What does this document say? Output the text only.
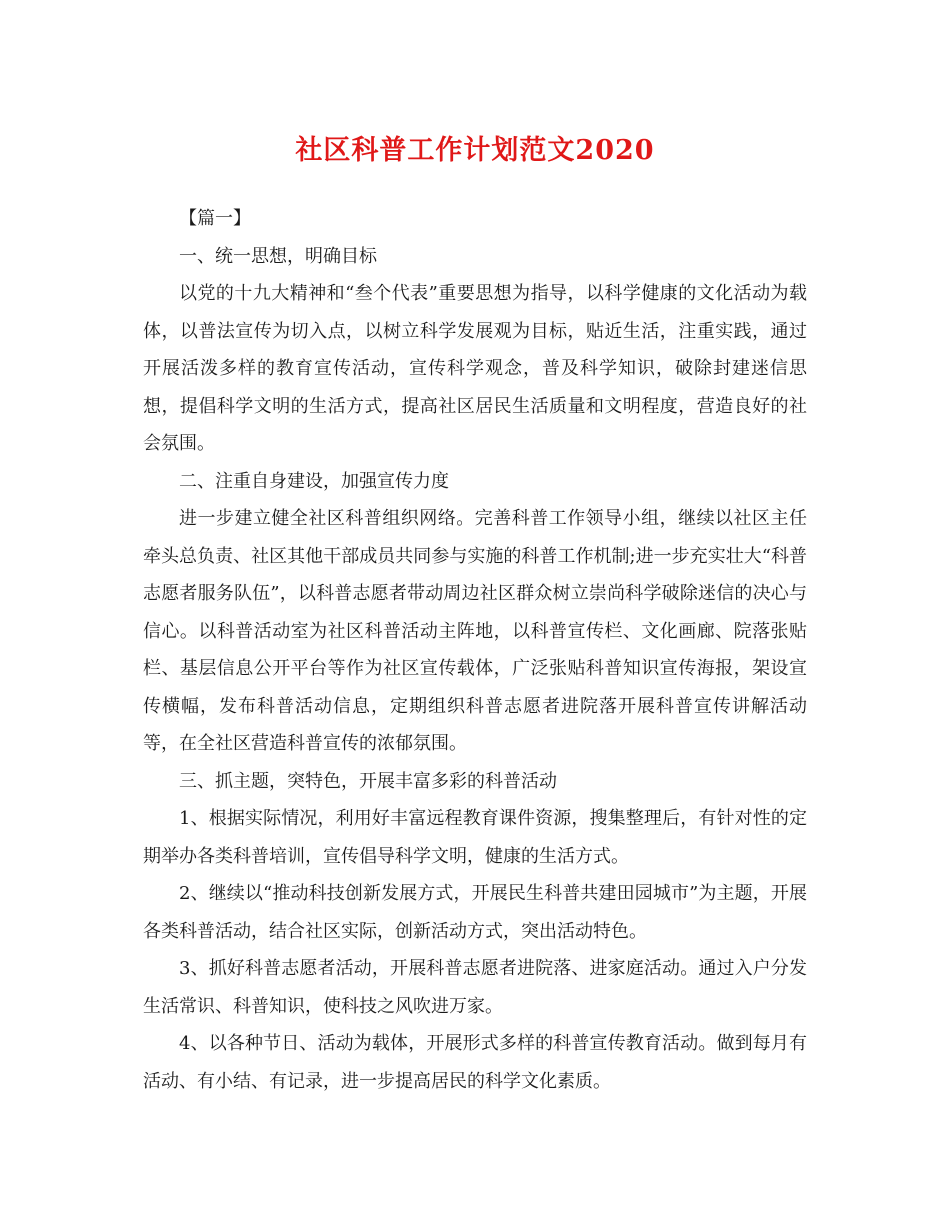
社区科普工作计划范文2020

【篇一】

一、统一思想，明确目标

以党的十九大精神和“叁个代表”重要思想为指导，以科学健康的文化活动为载体，以普法宣传为切入点，以树立科学发展观为目标，贴近生活，注重实践，通过开展活泼多样的教育宣传活动，宣传科学观念，普及科学知识，破除封建迷信思想，提倡科学文明的生活方式，提高社区居民生活质量和文明程度，营造良好的社会氛围。

二、注重自身建设，加强宣传力度

进一步建立健全社区科普组织网络。完善科普工作领导小组，继续以社区主任牵头总负责、社区其他干部成员共同参与实施的科普工作机制;进一步充实壮大“科普志愿者服务队伍”，以科普志愿者带动周边社区群众树立崇尚科学破除迷信的决心与信心。以科普活动室为社区科普活动主阵地，以科普宣传栏、文化画廊、院落张贴栏、基层信息公开平台等作为社区宣传载体，广泛张贴科普知识宣传海报，架设宣传横幅，发布科普活动信息，定期组织科普志愿者进院落开展科普宣传讲解活动等，在全社区营造科普宣传的浓郁氛围。

三、抓主题，突特色，开展丰富多彩的科普活动

1、根据实际情况，利用好丰富远程教育课件资源，搜集整理后，有针对性的定期举办各类科普培训，宣传倡导科学文明，健康的生活方式。

2、继续以“推动科技创新发展方式，开展民生科普共建田园城市”为主题，开展各类科普活动，结合社区实际，创新活动方式，突出活动特色。

3、抓好科普志愿者活动，开展科普志愿者进院落、进家庭活动。通过入户分发生活常识、科普知识，使科技之风吹进万家。

4、以各种节日、活动为载体，开展形式多样的科普宣传教育活动。做到每月有活动、有小结、有记录，进一步提高居民的科学文化素质。
